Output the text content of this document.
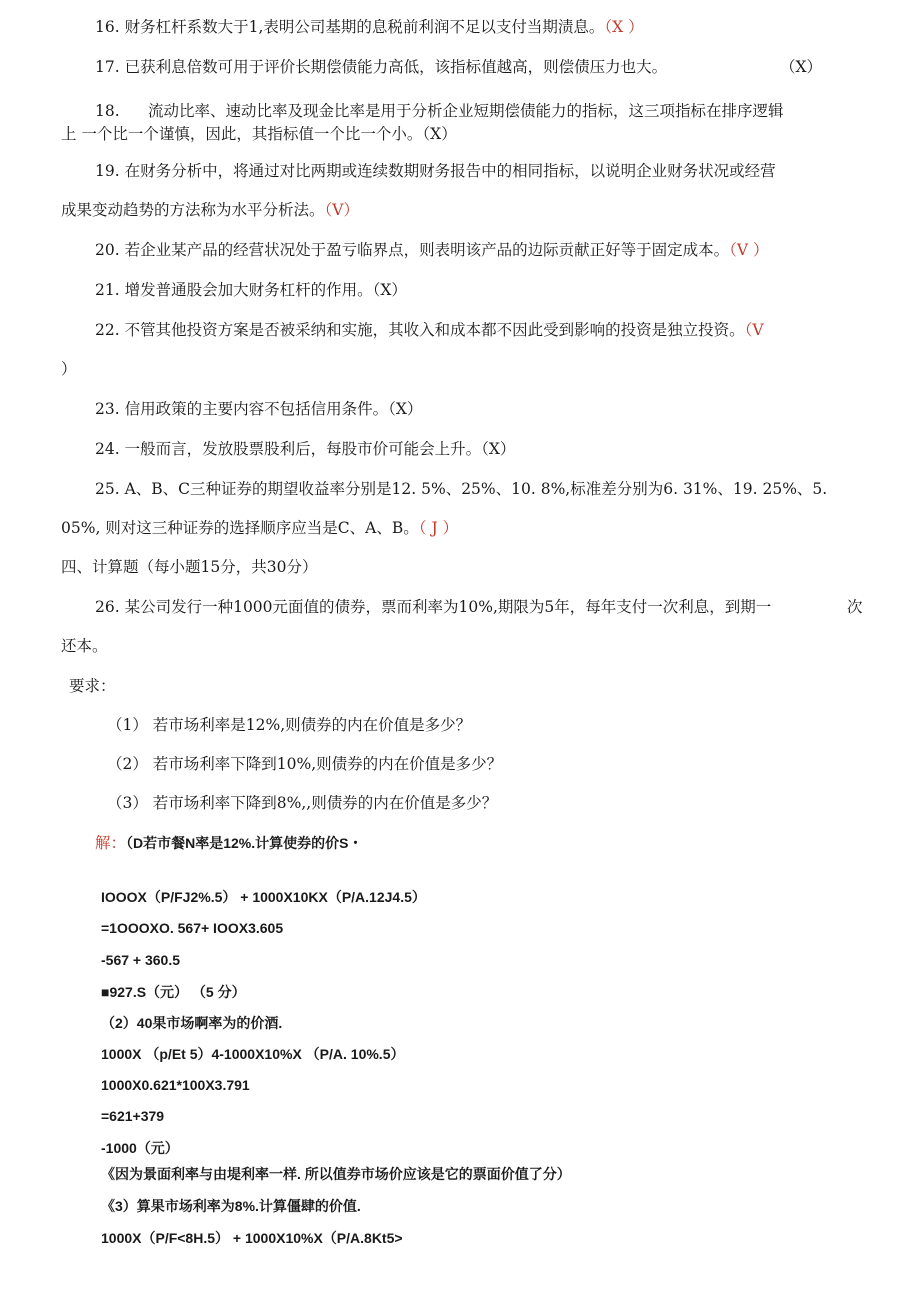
16. 财务杠杆系数大于1,表明公司基期的息税前利润不足以支付当期渍息。（X ）
17. 已获利息倍数可用于评价长期偿债能力高低，该指标值越高，则偿债压力也大。	（X）
18. 流动比率、速动比率及现金比率是用于分析企业短期偿债能力的指标，这三项指标在排序逻辑
上 一个比一个谨慎，因此，其指标值一个比一个小。（X）
19. 在财务分析中，将通过对比两期或连续数期财务报告中的相同指标，以说明企业财务状况或经营
成果变动趋势的方法称为水平分析法。（V）
20. 若企业某产品的经营状况处于盈亏临界点，则表明该产品的边际贡献正好等于固定成本。（V ）
21. 增发普通股会加大财务杠杆的作用。（X）
22. 不管其他投资方案是否被采纳和实施，其收入和成本都不因此受到影响的投资是独立投资。（V
）
23. 信用政策的主要内容不包括信用条件。（X）
24. 一般而言，发放股票股利后，每股市价可能会上升。（X）
25. A、B、C三种证券的期望收益率分别是12. 5%、25%、10. 8%,标准差分别为6. 31%、19. 25%、5.
05%, 则对这三种证券的选择顺序应当是C、A、B。（ J ）
四、计算题（每小题15分，共30分）
26. 某公司发行一种1000元面值的债券，票而利率为10%,期限为5年，每年支付一次利息，到期一	次
还本。
要求：
（1） 若市场利率是12%,则债券的内在价值是多少？
（2） 若市场利率下降到10%,则债券的内在价值是多少？
（3） 若市场利率下降到8%,,则债券的内在价值是多少？
解：（D若市餐N率是12%.计算使券的价S・
IOOOX（P/FJ2%.5） + 1000X10KX（P/A.12J4.5）
=1OOOXO. 567+ IOOX3.605
-567 + 360.5
■927.S（元） （5 分）
（2）40果市场啊率为的价酒.
1000X （p/Et 5）4-1000X10%X （P/A. 10%.5）
1000X0.621*100X3.791
=621+379
-1000（元）
《因为景面利率与由堤利率一样. 所以值券市场价应该是它的票面价值了分）
《3）算果市场利率为8%.计算僵肆的价值.
1000X（P/F<8H.5） + 1000X10%X（P/A.8Kt5>
